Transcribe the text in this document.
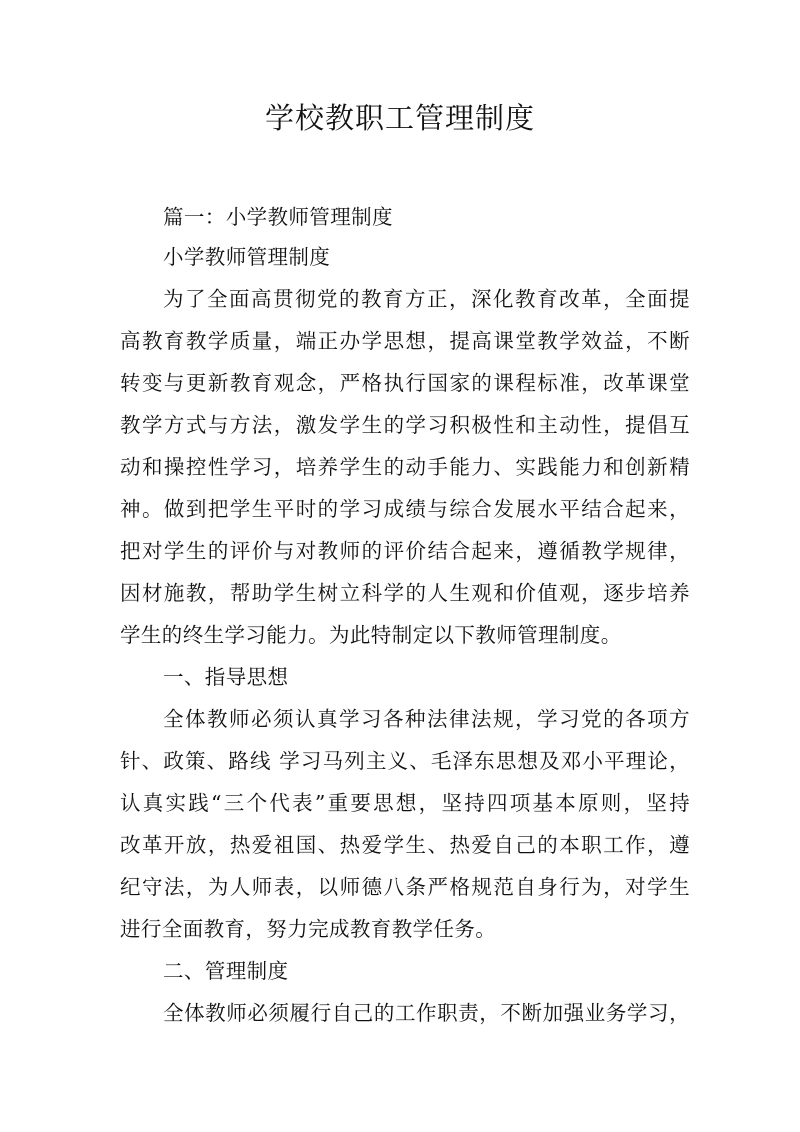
学校教职工管理制度
篇一：小学教师管理制度
小学教师管理制度
为了全面高贯彻党的教育方正，深化教育改革，全面提
高教育教学质量，端正办学思想，提高课堂教学效益，不断
转变与更新教育观念，严格执行国家的课程标准，改革课堂
教学方式与方法，激发学生的学习积极性和主动性，提倡互
动和操控性学习，培养学生的动手能力、实践能力和创新精
神。做到把学生平时的学习成绩与综合发展水平结合起来，
把对学生的评价与对教师的评价结合起来，遵循教学规律，
因材施教，帮助学生树立科学的人生观和价值观，逐步培养
学生的终生学习能力。为此特制定以下教师管理制度。
一、指导思想
全体教师必须认真学习各种法律法规，学习党的各项方
针、政策、路线 学习马列主义、毛泽东思想及邓小平理论，
认真实践“三个代表”重要思想，坚持四项基本原则，坚持
改革开放，热爱祖国、热爱学生、热爱自己的本职工作，遵
纪守法，为人师表，以师德八条严格规范自身行为，对学生
进行全面教育，努力完成教育教学任务。
二、管理制度
全体教师必须履行自己的工作职责，不断加强业务学习，
